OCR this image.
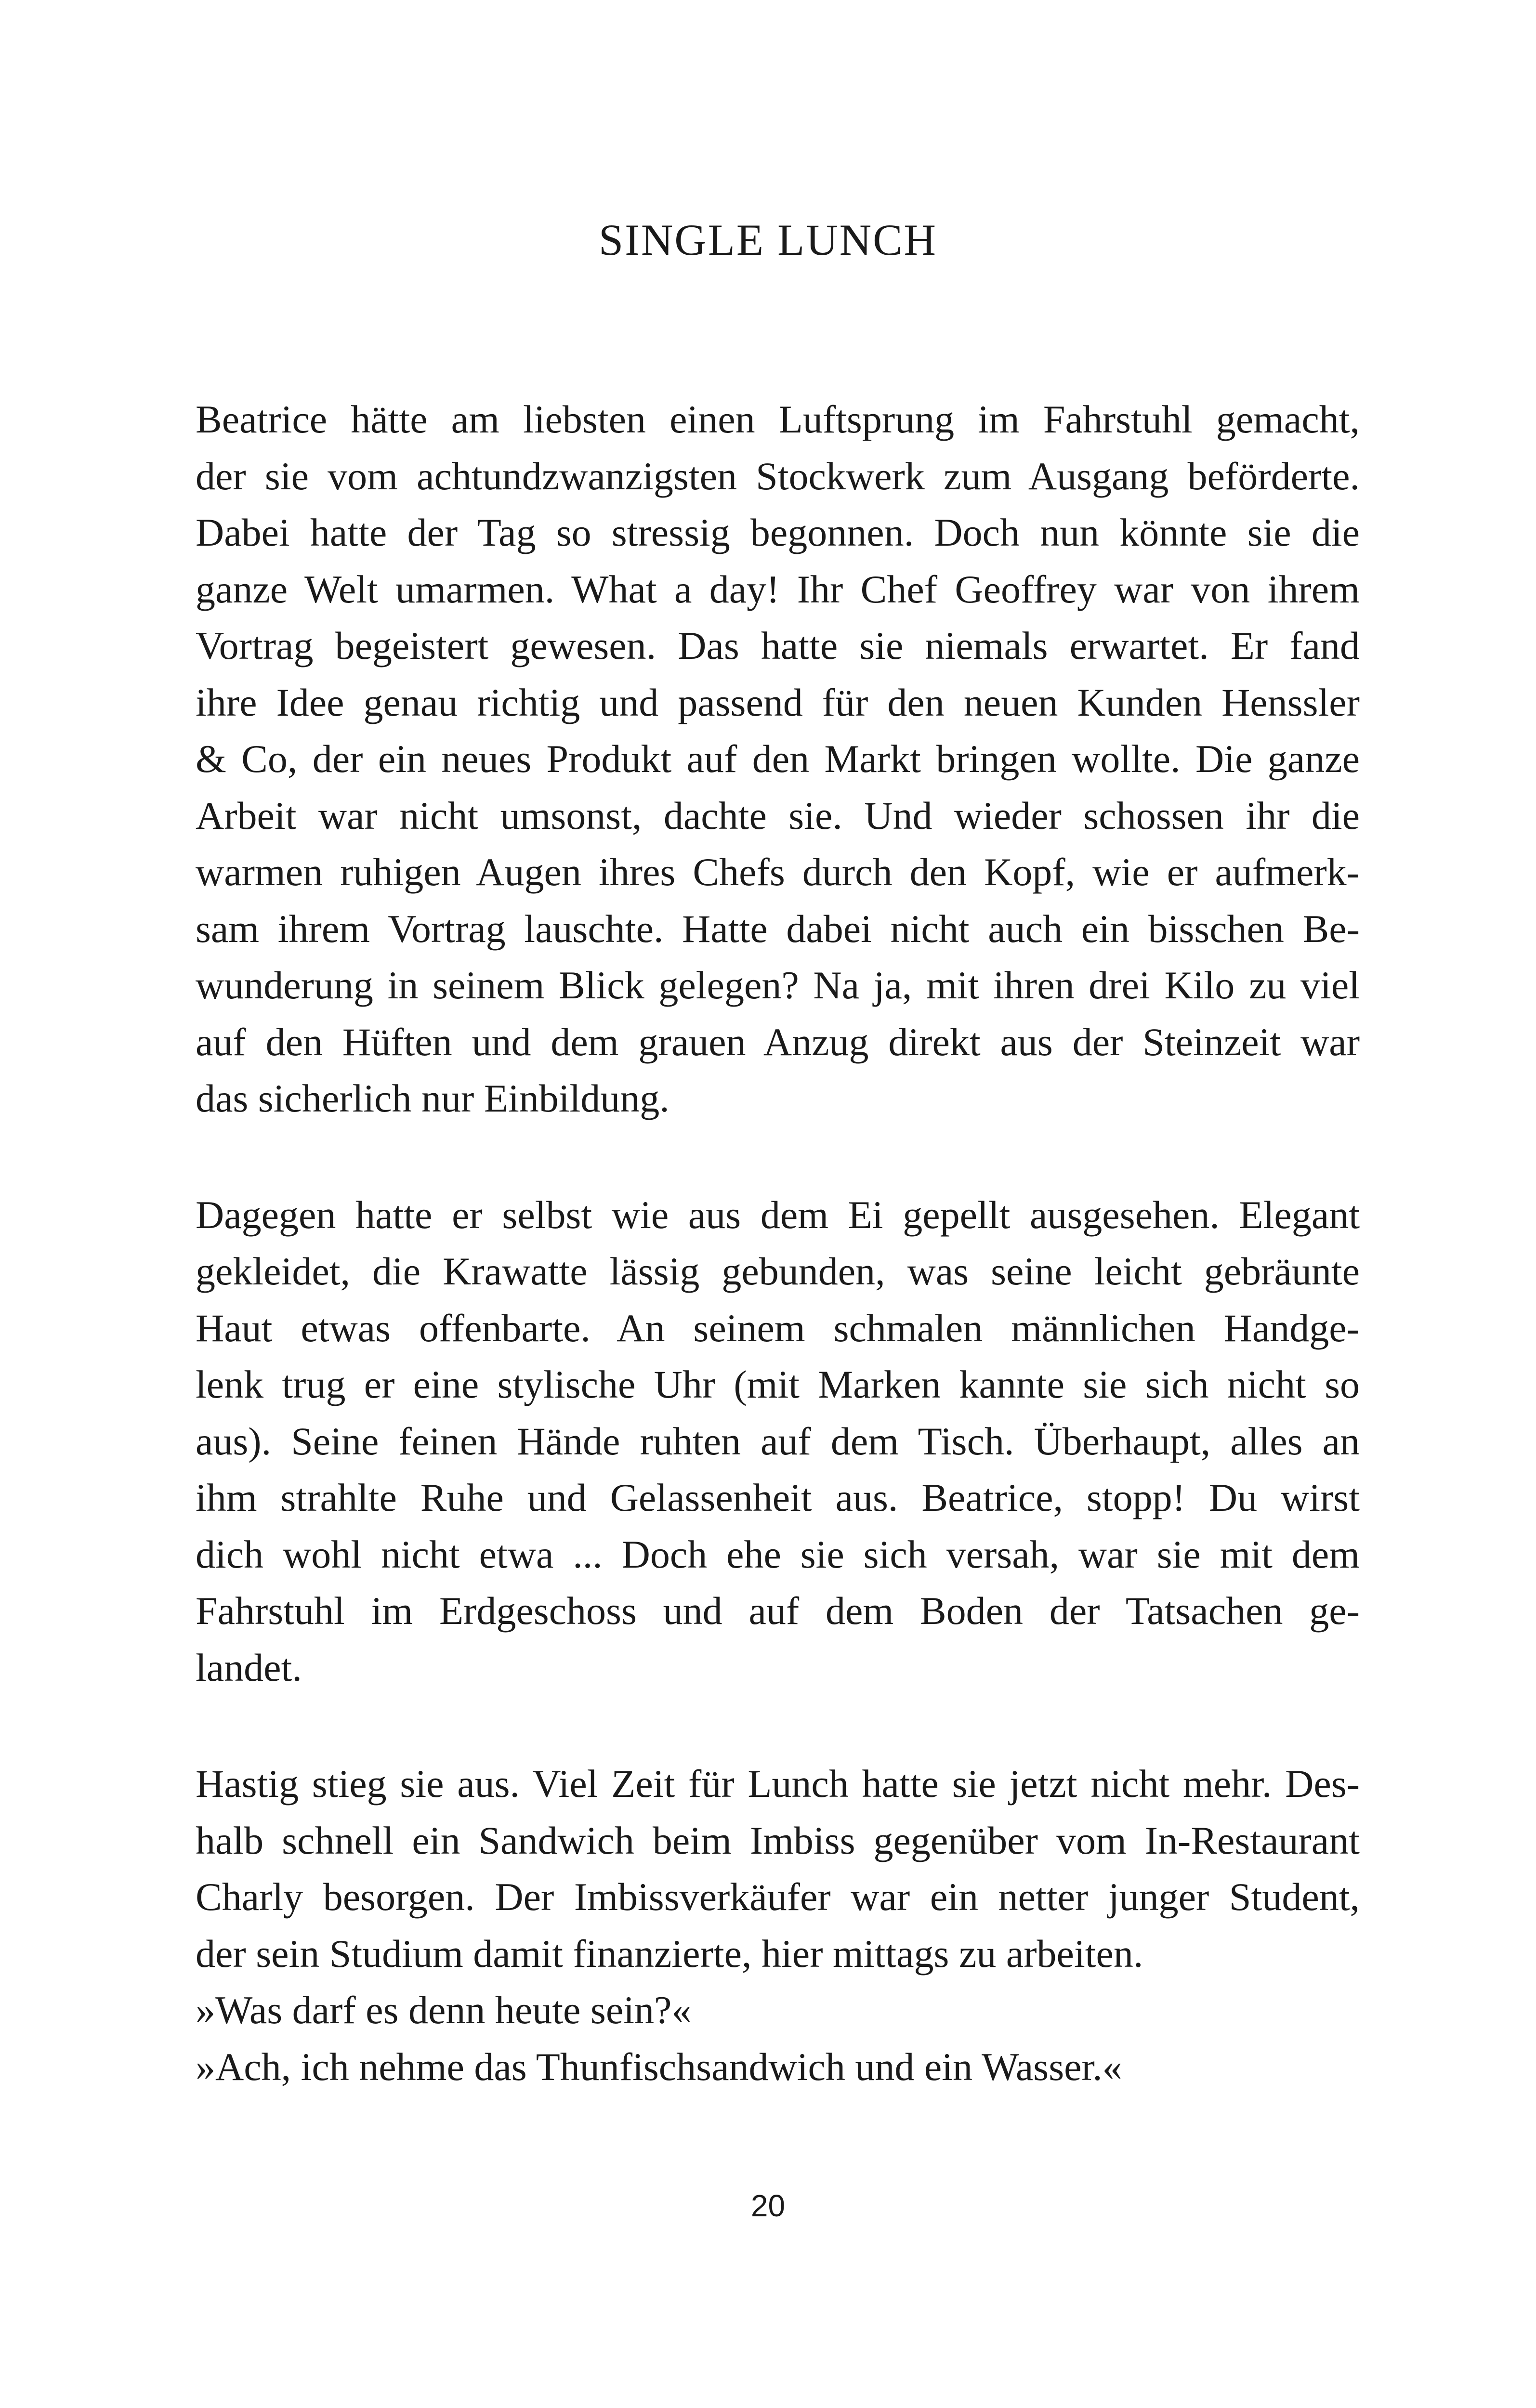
SINGLE LUNCH

Beatrice hätte am liebsten einen Luftsprung im Fahrstuhl gemacht,
der sie vom achtundzwanzigsten Stockwerk zum Ausgang beförderte.
Dabei hatte der Tag so stressig begonnen. Doch nun könnte sie die
ganze Welt umarmen. What a day! Ihr Chef Geoffrey war von ihrem
Vortrag begeistert gewesen. Das hatte sie niemals erwartet. Er fand
ihre Idee genau richtig und passend für den neuen Kunden Henssler
& Co, der ein neues Produkt auf den Markt bringen wollte. Die ganze
Arbeit war nicht umsonst, dachte sie. Und wieder schossen ihr die
warmen ruhigen Augen ihres Chefs durch den Kopf, wie er aufmerk-
sam ihrem Vortrag lauschte. Hatte dabei nicht auch ein bisschen Be-
wunderung in seinem Blick gelegen? Na ja, mit ihren drei Kilo zu viel
auf den Hüften und dem grauen Anzug direkt aus der Steinzeit war
das sicherlich nur Einbildung.

Dagegen hatte er selbst wie aus dem Ei gepellt ausgesehen. Elegant
gekleidet, die Krawatte lässig gebunden, was seine leicht gebräunte
Haut etwas offenbarte. An seinem schmalen männlichen Handge-
lenk trug er eine stylische Uhr (mit Marken kannte sie sich nicht so
aus). Seine feinen Hände ruhten auf dem Tisch. Überhaupt, alles an
ihm strahlte Ruhe und Gelassenheit aus. Beatrice, stopp! Du wirst
dich wohl nicht etwa ... Doch ehe sie sich versah, war sie mit dem
Fahrstuhl im Erdgeschoss und auf dem Boden der Tatsachen ge-
landet.

Hastig stieg sie aus. Viel Zeit für Lunch hatte sie jetzt nicht mehr. Des-
halb schnell ein Sandwich beim Imbiss gegenüber vom In-Restaurant
Charly besorgen. Der Imbissverkäufer war ein netter junger Student,
der sein Studium damit finanzierte, hier mittags zu arbeiten.
»Was darf es denn heute sein?«
»Ach, ich nehme das Thunfischsandwich und ein Wasser.«

20
